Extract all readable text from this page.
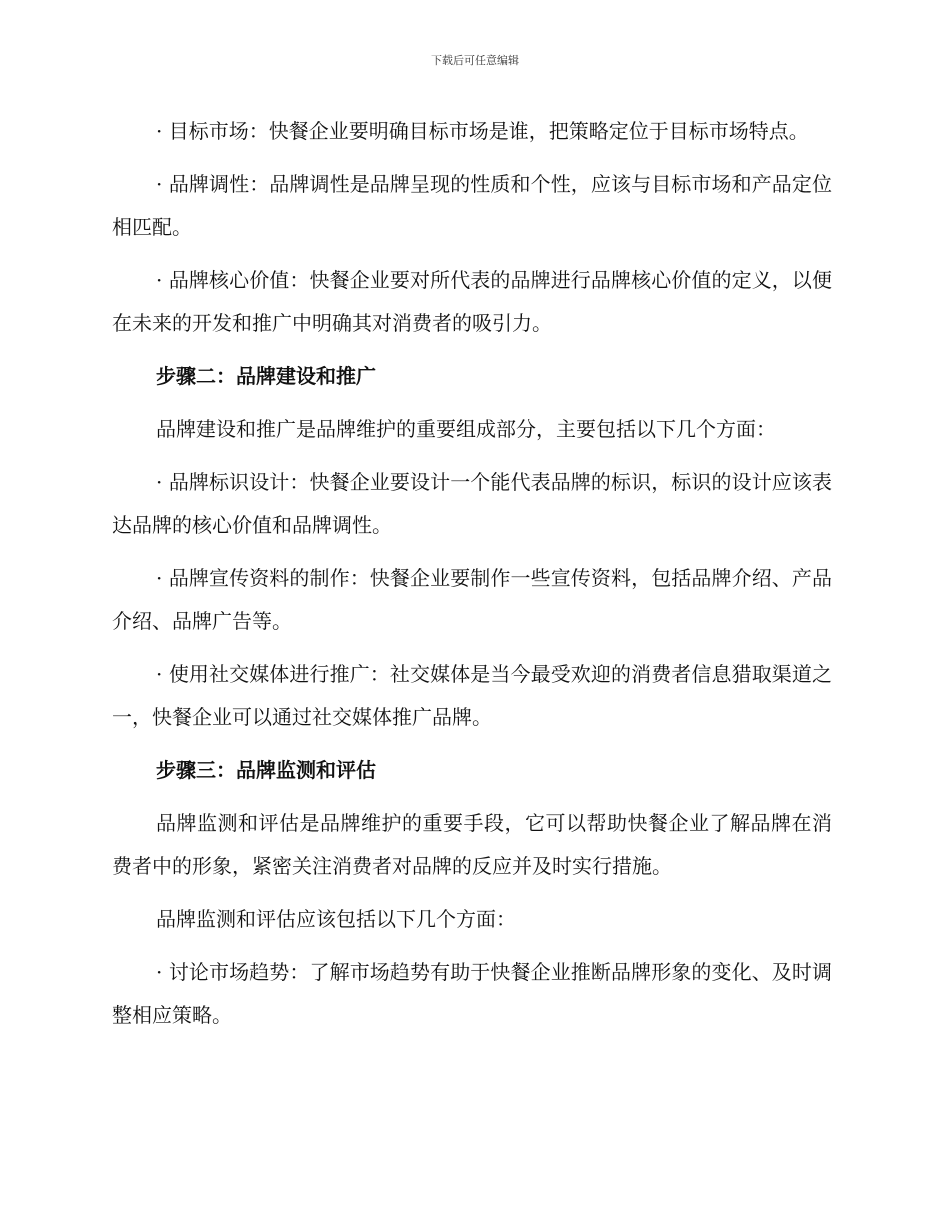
下载后可任意编辑

· 目标市场：快餐企业要明确目标市场是谁，把策略定位于目标市场特点。

· 品牌调性：品牌调性是品牌呈现的性质和个性，应该与目标市场和产品定位相匹配。

· 品牌核心价值：快餐企业要对所代表的品牌进行品牌核心价值的定义，以便在未来的开发和推广中明确其对消费者的吸引力。

步骤二：品牌建设和推广

品牌建设和推广是品牌维护的重要组成部分，主要包括以下几个方面：

· 品牌标识设计：快餐企业要设计一个能代表品牌的标识，标识的设计应该表达品牌的核心价值和品牌调性。

· 品牌宣传资料的制作：快餐企业要制作一些宣传资料，包括品牌介绍、产品介绍、品牌广告等。

· 使用社交媒体进行推广：社交媒体是当今最受欢迎的消费者信息猎取渠道之一，快餐企业可以通过社交媒体推广品牌。

步骤三：品牌监测和评估

品牌监测和评估是品牌维护的重要手段，它可以帮助快餐企业了解品牌在消费者中的形象，紧密关注消费者对品牌的反应并及时实行措施。

品牌监测和评估应该包括以下几个方面：

· 讨论市场趋势：了解市场趋势有助于快餐企业推断品牌形象的变化、及时调整相应策略。
